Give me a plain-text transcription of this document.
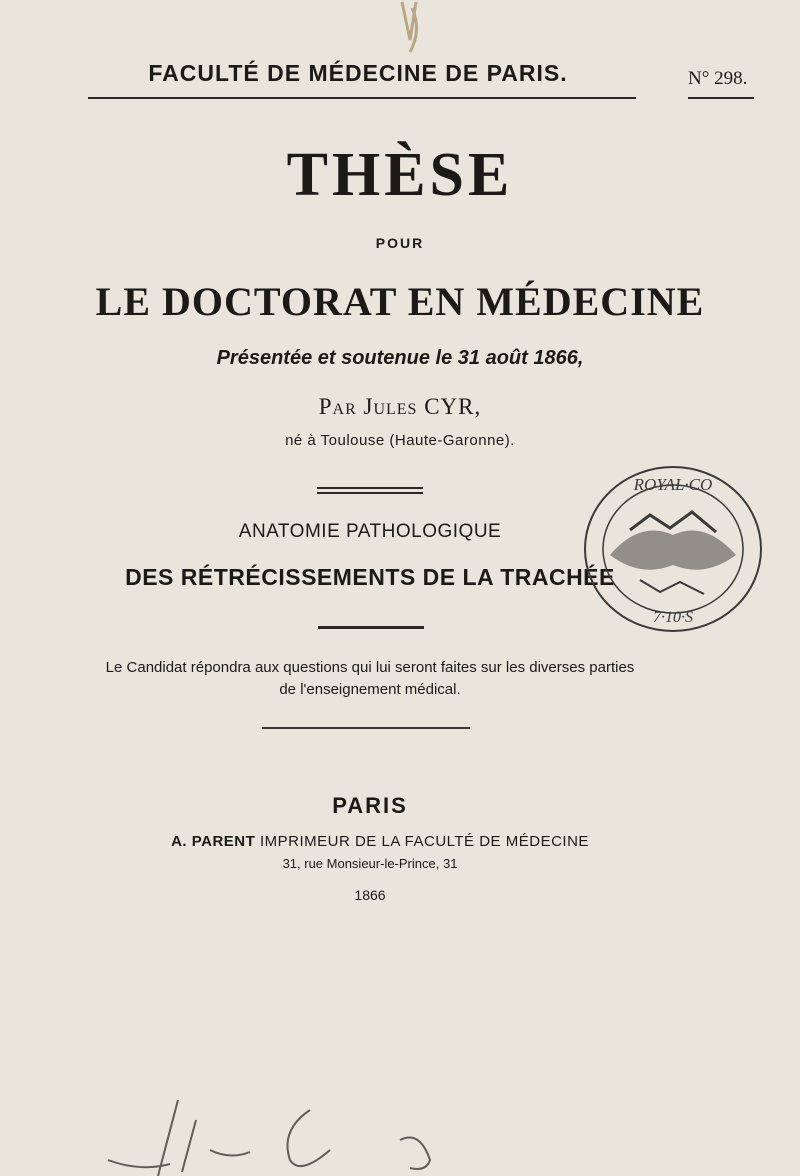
FACULTÉ DE MÉDECINE DE PARIS.	N° 298.
THÈSE
POUR
LE DOCTORAT EN MÉDECINE
Présentée et soutenue le 31 août 1866,
Par Jules CYR,
né à Toulouse (Haute-Garonne).
ANATOMIE PATHOLOGIQUE
DES RÉTRÉCISSEMENTS DE LA TRACHÉE
ROYAL·CO
7·10·S
Le Candidat répondra aux questions qui lui seront faites sur les diverses parties
de l'enseignement médical.
PARIS
A. PARENT IMPRIMEUR DE LA FACULTÉ DE MÉDECINE
31, rue Monsieur-le-Prince, 31
1866
